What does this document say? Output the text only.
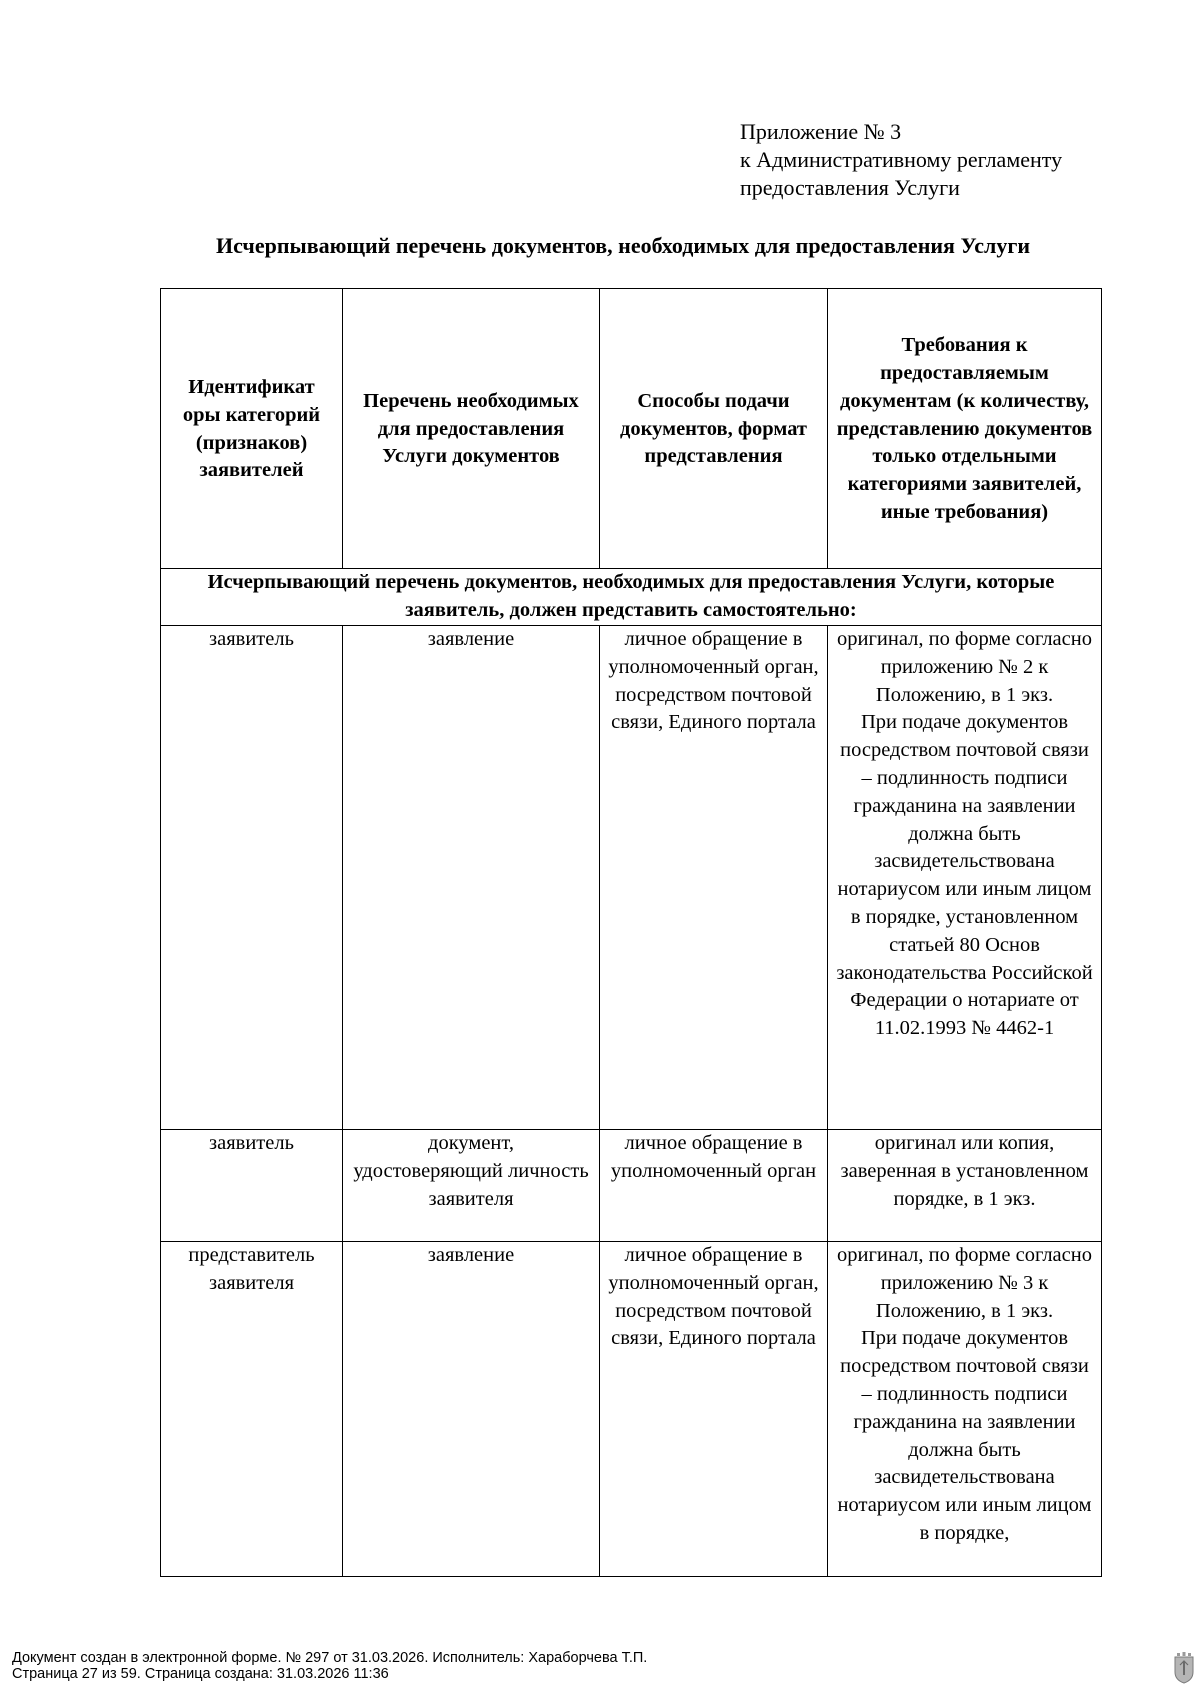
Приложение № 3
к Административному регламенту
предоставления Услуги
Исчерпывающий перечень документов, необходимых для предоставления Услуги
Идентификат оры категорий (признаков) заявителей	Перечень необходимых для предоставления Услуги документов	Способы подачи документов, формат представления	Требования к предоставляемым документам (к количеству, представлению документов только отдельными категориями заявителей, иные требования)
Исчерпывающий перечень документов, необходимых для предоставления Услуги, которые заявитель, должен представить самостоятельно:			
заявитель	заявление	личное обращение в уполномоченный орган, посредством почтовой связи, Единого портала	оригинал, по форме согласно приложению № 2 к Положению, в 1 экз.
При подаче документов посредством почтовой связи – подлинность подписи гражданина на заявлении должна быть засвидетельствована нотариусом или иным лицом в порядке, установленном статьей 80 Основ законодательства Российской Федерации о нотариате от 11.02.1993 № 4462-1

заявитель	документ, удостоверяющий личность заявителя	личное обращение в уполномоченный орган	оригинал или копия, заверенная в установленном порядке, в 1 экз.

представитель заявителя	заявление	личное обращение в уполномоченный орган, посредством почтовой связи, Единого портала	оригинал, по форме согласно приложению № 3 к Положению, в 1 экз.
При подаче документов посредством почтовой связи – подлинность подписи гражданина на заявлении должна быть засвидетельствована нотариусом или иным лицом в порядке,
Документ создан в электронной форме. № 297 от 31.03.2026. Исполнитель: Харaборчева Т.П.
Страница 27 из 59. Страница создана: 31.03.2026 11:36
